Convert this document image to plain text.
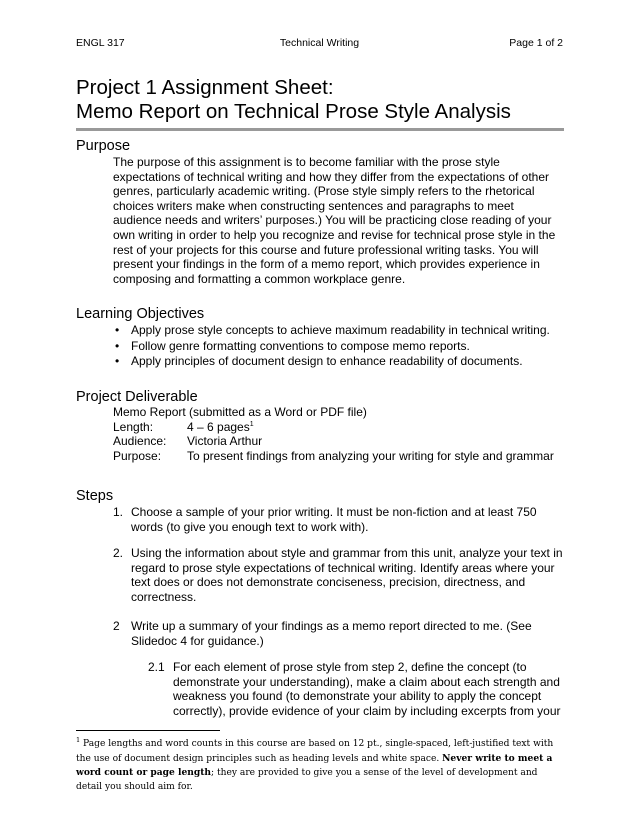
ENGL 317	Technical Writing	Page 1 of 2
Project 1 Assignment Sheet:
Memo Report on Technical Prose Style Analysis
Purpose

The purpose of this assignment is to become familiar with the prose style expectations of technical writing and how they differ from the expectations of other genres, particularly academic writing. (Prose style simply refers to the rhetorical choices writers make when constructing sentences and paragraphs to meet audience needs and writers’ purposes.) You will be practicing close reading of your own writing in order to help you recognize and revise for technical prose style in the rest of your projects for this course and future professional writing tasks. You will present your findings in the form of a memo report, which provides experience in composing and formatting a common workplace genre.

Learning Objectives
• Apply prose style concepts to achieve maximum readability in technical writing.
• Follow genre formatting conventions to compose memo reports.
• Apply principles of document design to enhance readability of documents.
Project Deliverable
Memo Report (submitted as a Word or PDF file)
Length:	4 – 6 pages$^1$
Audience: Victoria Arthur
Purpose: To present findings from analyzing your writing for style and grammar
Steps
1. Choose a sample of your prior writing. It must be non-fiction and at least 750 words (to give you enough text to work with).
2. Using the information about style and grammar from this unit, analyze your text in regard to prose style expectations of technical writing. Identify areas where your text does or does not demonstrate conciseness, precision, directness, and correctness.
2 Write up a summary of your findings as a memo report directed to me. (See Slidedoc 4 for guidance.)
2.1 For each element of prose style from step 2, define the concept (to demonstrate your understanding), make a claim about each strength and weakness you found (to demonstrate your ability to apply the concept correctly), provide evidence of your claim by including excerpts from your

$^1$ Page lengths and word counts in this course are based on 12 pt., single-spaced, left-justified text with the use of document design principles such as heading levels and white space. Never write to meet a word count or page length; they are provided to give you a sense of the level of development and detail you should aim for.
